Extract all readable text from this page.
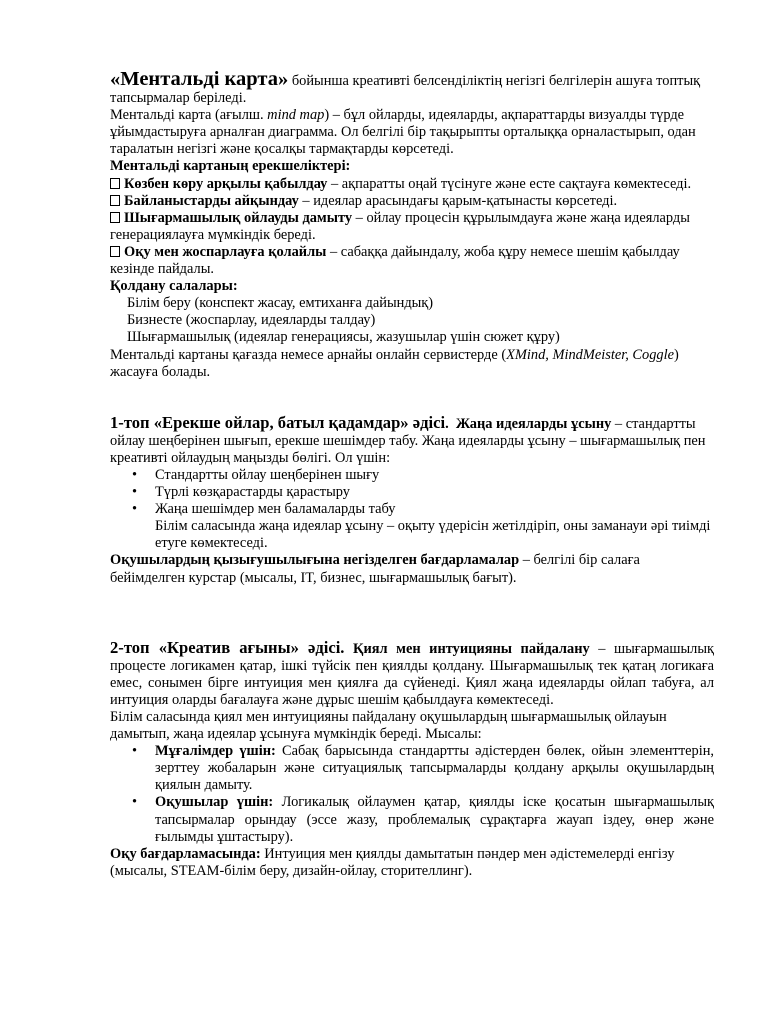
«Ментальді карта» бойынша креативті белсенділіктің негізгі белгілерін ашуға топтық тапсырмалар беріледі.

Ментальді карта (ағылш. mind map) – бұл ойларды, идеяларды, ақпараттарды визуалды түрде ұйымдастыруға арналған диаграмма. Ол белгілі бір тақырыпты орталыққа орналастырып, одан таралатын негізгі және қосалқы тармақтарды көрсетеді.

Ментальді картаның ерекшеліктері:

Көзбен көру арқылы қабылдау – ақпаратты оңай түсінуге және есте сақтауға көмектеседі.

Байланыстарды айқындау – идеялар арасындағы қарым-қатынасты көрсетеді.

Шығармашылық ойлауды дамыту – ойлау процесін құрылымдауға және жаңа идеяларды генерациялауға мүмкіндік береді.

Оқу мен жоспарлауға қолайлы – сабаққа дайындалу, жоба құру немесе шешім қабылдау кезінде пайдалы.

Қолдану салалары:

Білім беру (конспект жасау, емтиханға дайындық)

Бизнесте (жоспарлау, идеяларды талдау)

Шығармашылық (идеялар генерациясы, жазушылар үшін сюжет құру)

Ментальді картаны қағазда немесе арнайы онлайн сервистерде (XMind, MindMeister, Coggle) жасауға болады.

1-топ «Ерекше ойлар, батыл қадамдар» әдісі. Жаңа идеяларды ұсыну – стандартты ойлау шеңберінен шығып, ерекше шешімдер табу. Жаңа идеяларды ұсыну – шығармашылық пен креативті ойлаудың маңызды бөлігі. Ол үшін:

• Стандартты ойлау шеңберінен шығу
• Түрлі көзқарастарды қарастыру
• Жаңа шешімдер мен баламаларды табу

Білім саласында жаңа идеялар ұсыну – оқыту үдерісін жетілдіріп, оны заманауи әрі тиімді етуге көмектеседі.

Оқушылардың қызығушылығына негізделген бағдарламалар – белгілі бір салаға бейімделген курстар (мысалы, IT, бизнес, шығармашылық бағыт).

2-топ «Креатив ағыны» әдісі. Қиял мен интуицияны пайдалану – шығармашылық процесте логикамен қатар, ішкі түйсік пен қиялды қолдану. Шығармашылық тек қатаң логикаға емес, сонымен бірге интуиция мен қиялға да сүйенеді. Қиял жаңа идеяларды ойлап табуға, ал интуиция оларды бағалауға және дұрыс шешім қабылдауға көмектеседі.

Білім саласында қиял мен интуицияны пайдалану оқушылардың шығармашылық ойлауын дамытып, жаңа идеялар ұсынуға мүмкіндік береді. Мысалы:

• Мұғалімдер үшін: Сабақ барысында стандартты әдістерден бөлек, ойын элементтерін, зерттеу жобаларын және ситуациялық тапсырмаларды қолдану арқылы оқушылардың қиялын дамыту.
• Оқушылар үшін: Логикалық ойлаумен қатар, қиялды іске қосатын шығармашылық тапсырмалар орындау (эссе жазу, проблемалық сұрақтарға жауап іздеу, өнер және ғылымды ұштастыру).

Оқу бағдарламасында: Интуиция мен қиялды дамытатын пәндер мен әдістемелерді енгізу (мысалы, STEAM-білім беру, дизайн-ойлау, сторителлинг).
